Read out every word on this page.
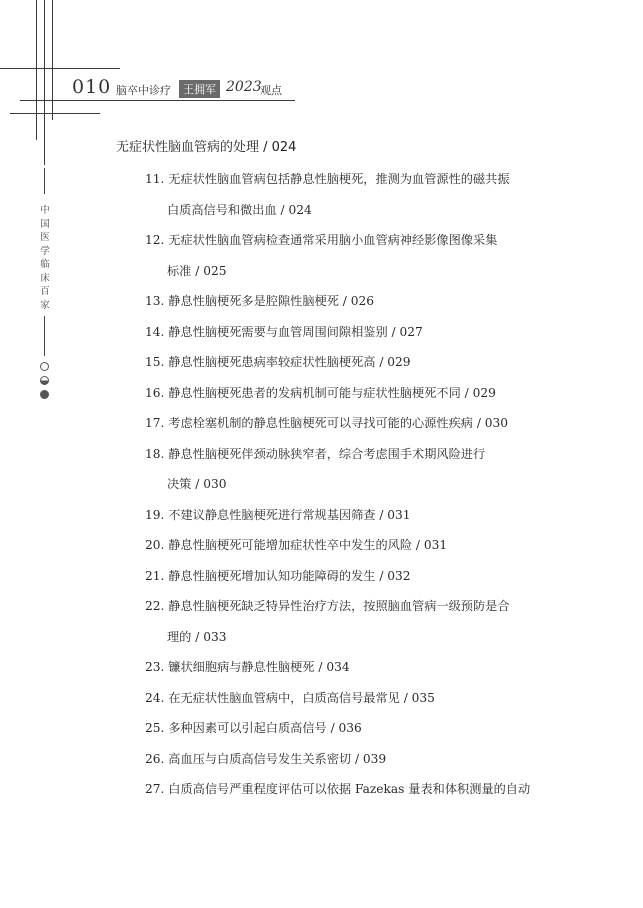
010 脑卒中诊疗	王拥军 2023
观点
中国医学临床百家
无症状性脑血管病的处理 / 024
11. 无症状性脑血管病包括静息性脑梗死，推测为血管源性的磁共振
白质高信号和微出血 / 024
12. 无症状性脑血管病检查通常采用脑小血管病神经影像图像采集
标准 / 025
13. 静息性脑梗死多是腔隙性脑梗死 / 026
14. 静息性脑梗死需要与血管周围间隙相鉴别 / 027
15. 静息性脑梗死患病率较症状性脑梗死高 / 029
16. 静息性脑梗死患者的发病机制可能与症状性脑梗死不同 / 029
17. 考虑栓塞机制的静息性脑梗死可以寻找可能的心源性疾病 / 030
18. 静息性脑梗死伴颈动脉狭窄者，综合考虑围手术期风险进行
决策 / 030
19. 不建议静息性脑梗死进行常规基因筛查 / 031
20. 静息性脑梗死可能增加症状性卒中发生的风险 / 031
21. 静息性脑梗死增加认知功能障碍的发生 / 032
22. 静息性脑梗死缺乏特异性治疗方法，按照脑血管病一级预防是合
理的 / 033
23. 镰状细胞病与静息性脑梗死 / 034
24. 在无症状性脑血管病中，白质高信号最常见 / 035
25. 多种因素可以引起白质高信号 / 036
26. 高血压与白质高信号发生关系密切 / 039
27. 白质高信号严重程度评估可以依据 Fazekas 量表和体积测量的自动
